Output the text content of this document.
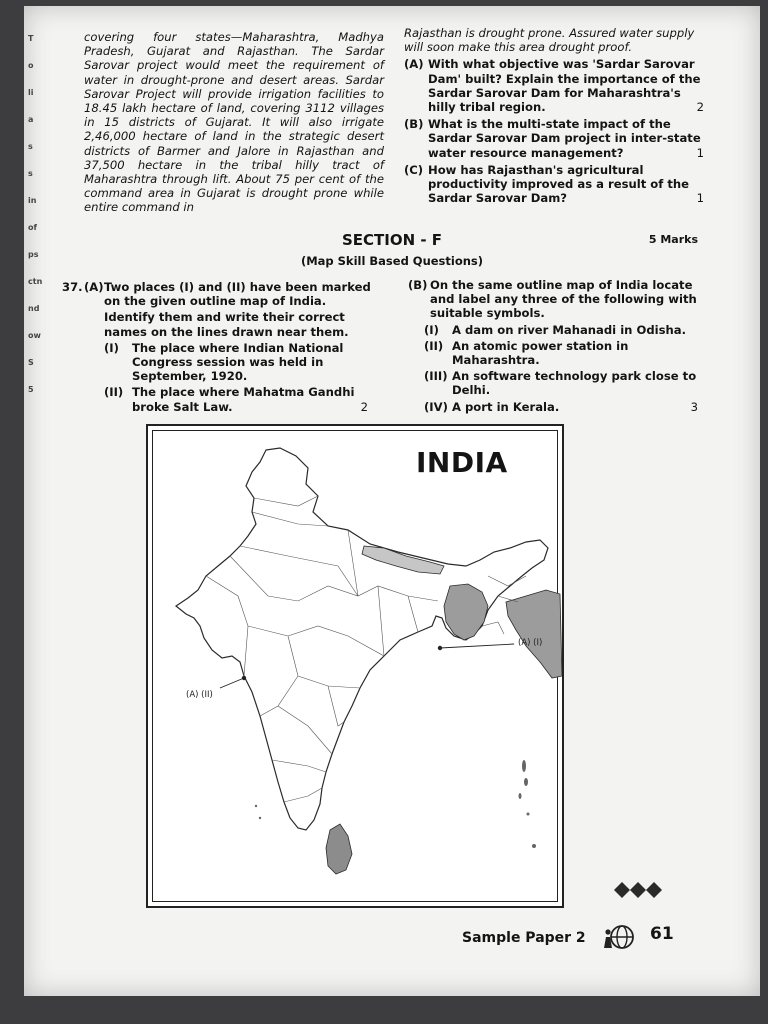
T
o
li
a
s
s
in
of
ps
ctn
nd
ow
S
5
covering four states—Maharashtra, Madhya Pradesh, Gujarat and Rajasthan. The Sardar Sarovar project would meet the requirement of water in drought-prone and desert areas. Sardar Sarovar Project will provide irrigation facilities to 18.45 lakh hectare of land, covering 3112 villages in 15 districts of Gujarat. It will also irrigate 2,46,000 hectare of land in the strategic desert districts of Barmer and Jalore in Rajasthan and 37,500 hectare in the tribal hilly tract of Maharashtra through lift. About 75 per cent of the command area in Gujarat is drought prone while entire command in

Rajasthan is drought prone. Assured water supply will soon make this area drought proof.

(A) With what objective was 'Sardar Sarovar Dam' built? Explain the importance of the Sardar Sarovar Dam for Maharashtra's hilly tribal region.	2
(B) What is the multi-state impact of the Sardar Sarovar Dam project in inter-state water resource management?	1
(C) How has Rajasthan's agricultural productivity improved as a result of the Sardar Sarovar Dam?	1
SECTION - F	5 Marks
(Map Skill Based Questions)
37. (A) Two places (I) and (II) have been marked on the given outline map of India.
Identify them and write their correct names on the lines drawn near them.
(I)	The place where Indian National Congress session was held in September, 1920.
(II) The place where Mahatma Gandhi broke Salt Law.	2
(B) On the same outline map of India locate and label any three of the following with suitable symbols.
(I)	A dam on river Mahanadi in Odisha.
(II) An atomic power station in Maharashtra.
(III) An software technology park close to Delhi.
(IV) A port in Kerala.	3
INDIA
(A) (I)
(A) (II)
Sample Paper 2	61
